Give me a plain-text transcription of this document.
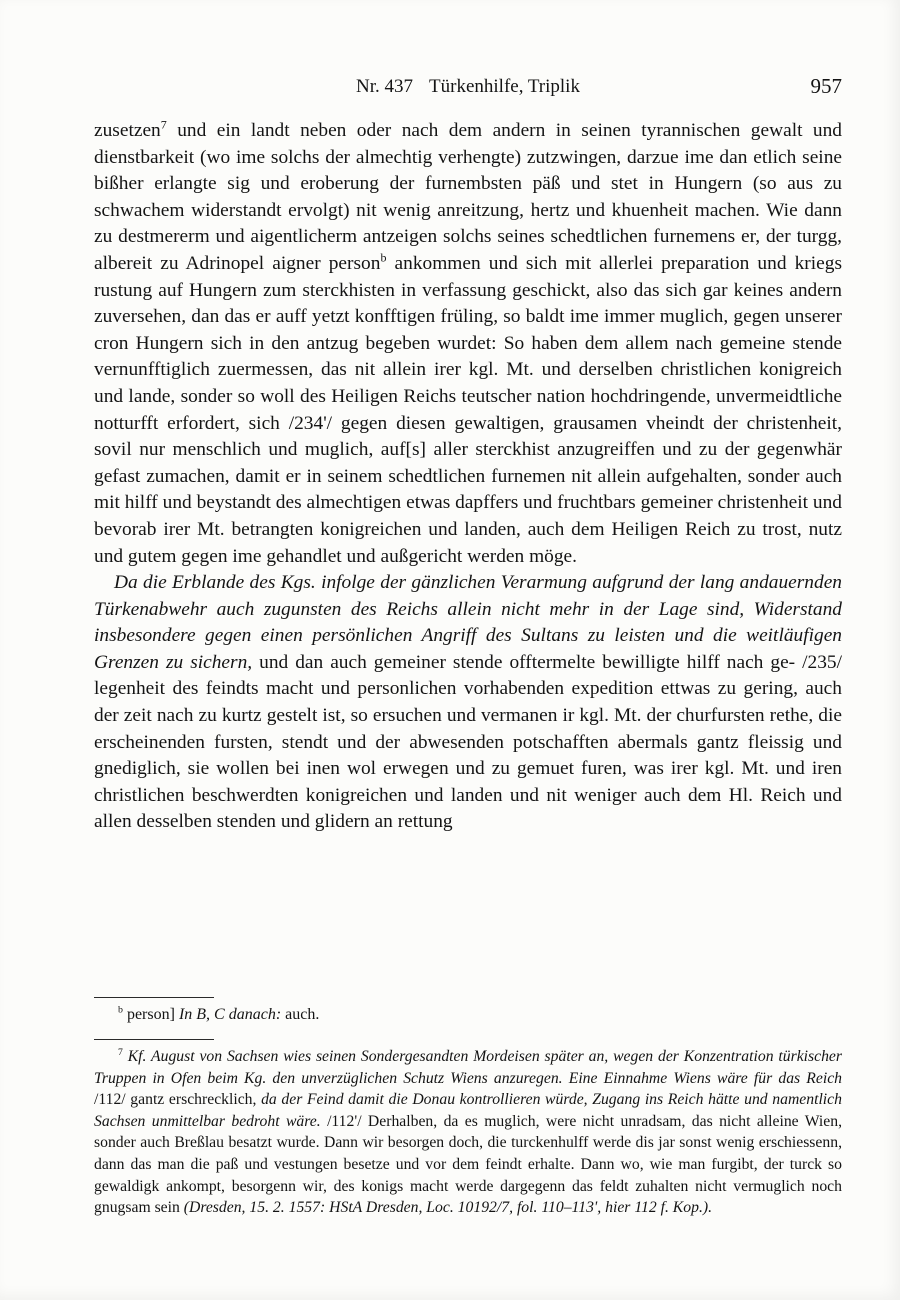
Nr. 437 Türkenhilfe, Triplik	957

zusetzen$^7$ und ein landt neben oder nach dem andern in seinen tyrannischen gewalt und dienstbarkeit (wo ime solchs der almechtig verhengte) zutzwingen, darzue ime dan etlich seine bißher erlangte sig und eroberung der furnembsten päß und stet in Hungern (so aus zu schwachem widerstandt ervolgt) nit wenig anreitzung, hertz und khuenheit machen. Wie dann zu destmererm und aigentlicherm antzeigen solchs seines schedtlichen furnemens er, der turgg, albereit zu Adrinopel aigner person$^b$ ankommen und sich mit allerlei preparation und kriegs rustung auf Hungern zum sterckhisten in verfassung geschickt, also das sich gar keines andern zuversehen, dan das er auff yetzt konfftigen früling, so baldt ime immer muglich, gegen unserer cron Hungern sich in den antzug begeben wurdet: So haben dem allem nach gemeine stende vernunfftiglich zuermessen, das nit allein irer kgl. Mt. und derselben christlichen konigreich und lande, sonder so woll des Heiligen Reichs teutscher nation hochdringende, unvermeidtliche notturfft erfordert, sich /234'/ gegen diesen gewaltigen, grausamen vheindt der christenheit, sovil nur menschlich und muglich, auf[s] aller sterckhist anzugreiffen und zu der gegenwhär gefast zumachen, damit er in seinem schedtlichen furnemen nit allein aufgehalten, sonder auch mit hilff und beystandt des almechtigen etwas dapffers und fruchtbars gemeiner christenheit und bevorab irer Mt. betrangten konigreichen und landen, auch dem Heiligen Reich zu trost, nutz und gutem gegen ime gehandlet und außgericht werden möge.

Da die Erblande des Kgs. infolge der gänzlichen Verarmung aufgrund der lang andauernden Türkenabwehr auch zugunsten des Reichs allein nicht mehr in der Lage sind, Widerstand insbesondere gegen einen persönlichen Angriff des Sultans zu leisten und die weitläufigen Grenzen zu sichern, und dan auch gemeiner stende offtermelte bewilligte hilff nach ge- /235/ legenheit des feindts macht und personlichen vorhabenden expedition ettwas zu gering, auch der zeit nach zu kurtz gestelt ist, so ersuchen und vermanen ir kgl. Mt. der churfursten rethe, die erscheinenden fursten, stendt und der abwesenden potschafften abermals gantz fleissig und gnediglich, sie wollen bei inen wol erwegen und zu gemuet furen, was irer kgl. Mt. und iren christlichen beschwerdten konigreichen und landen und nit weniger auch dem Hl. Reich und allen desselben stenden und glidern an rettung

$^b$ person] In B, C danach: auch.

$^7$ Kf. August von Sachsen wies seinen Sondergesandten Mordeisen später an, wegen der Konzentration türkischer Truppen in Ofen beim Kg. den unverzüglichen Schutz Wiens anzuregen. Eine Einnahme Wiens wäre für das Reich /112/ gantz erschrecklich, da der Feind damit die Donau kontrollieren würde, Zugang ins Reich hätte und namentlich Sachsen unmittelbar bedroht wäre. /112'/ Derhalben, da es muglich, were nicht unradsam, das nicht alleine Wien, sonder auch Breßlau besatzt wurde. Dann wir besorgen doch, die turckenhulff werde dis jar sonst wenig erschiessenn, dann das man die paß und vestungen besetze und vor dem feindt erhalte. Dann wo, wie man furgibt, der turck so gewaldigk ankompt, besorgenn wir, des konigs macht werde dargegenn das feldt zuhalten nicht vermuglich noch gnugsam sein (Dresden, 15. 2. 1557: HStA Dresden, Loc. 10192/7, fol. 110–113', hier 112 f. Kop.).
